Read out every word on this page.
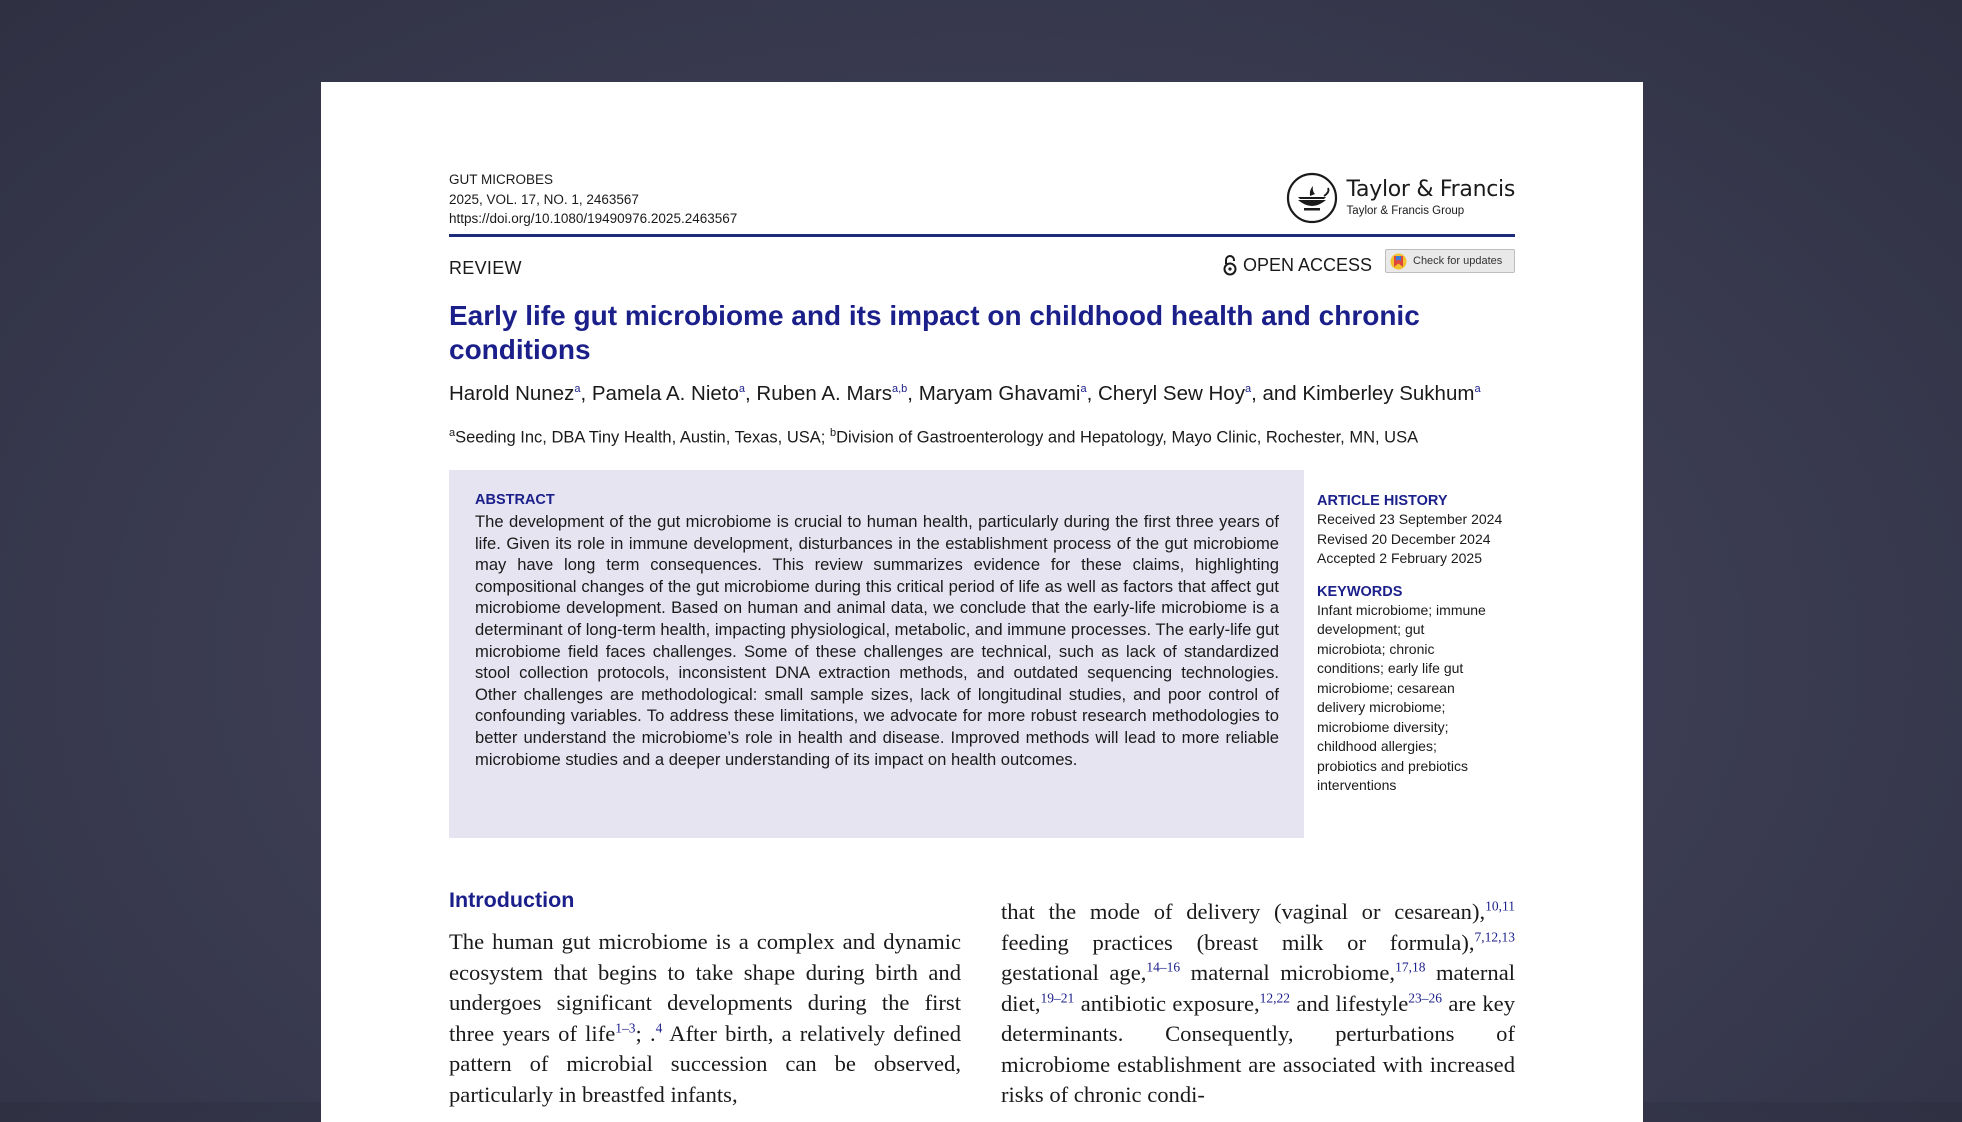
GUT MICROBES
2025, VOL. 17, NO. 1, 2463567
https://doi.org/10.1080/19490976.2025.2463567
Taylor & Francis
Taylor & Francis Group
REVIEW	OPEN ACCESS	Check for updates
Early life gut microbiome and its impact on childhood health and chronic conditions
Harold Nunez$^a$, Pamela A. Nieto$^a$, Ruben A. Mars$^{a,b}$, Maryam Ghavami$^a$, Cheryl Sew Hoy$^a$, and Kimberley Sukhum$^a$
$^a$Seeding Inc, DBA Tiny Health, Austin, Texas, USA; $^b$Division of Gastroenterology and Hepatology, Mayo Clinic, Rochester, MN, USA
ABSTRACT
The development of the gut microbiome is crucial to human health, particularly during the first three years of life. Given its role in immune development, disturbances in the establishment process of the gut microbiome may have long term consequences. This review summarizes evidence for these claims, highlighting compositional changes of the gut microbiome during this critical period of life as well as factors that affect gut microbiome development. Based on human and animal data, we conclude that the early-life microbiome is a determinant of long-term health, impacting physiological, metabolic, and immune processes. The early-life gut microbiome field faces challenges. Some of these challenges are technical, such as lack of standardized stool collection protocols, inconsistent DNA extraction methods, and outdated sequencing technologies. Other challenges are methodological: small sample sizes, lack of longitudinal studies, and poor control of confounding variables. To address these limitations, we advocate for more robust research methodologies to better understand the microbiome’s role in health and disease. Improved methods will lead to more reliable microbiome studies and a deeper understanding of its impact on health outcomes.
ARTICLE HISTORY
Received 23 September 2024
Revised 20 December 2024
Accepted 2 February 2025
KEYWORDS
Infant microbiome; immune
development; gut
microbiota; chronic
conditions; early life gut
microbiome; cesarean
delivery microbiome;
microbiome diversity;
childhood allergies;
probiotics and prebiotics
interventions
Introduction
The human gut microbiome is a complex and dynamic ecosystem that begins to take shape during birth and undergoes significant developments during the first three years of life$^{1-3}$; .$^4$ After birth, a relatively defined pattern of microbial succession can be observed, particularly in breastfed infants,
that the mode of delivery (vaginal or cesarean),$^{10,11}$ feeding practices (breast milk or formula),$^{7,12,13}$ gestational age,$^{14-16}$ maternal microbiome,$^{17,18}$ maternal diet,$^{19-21}$ antibiotic exposure,$^{12,22}$ and lifestyle$^{23-26}$ are key determinants. Consequently, perturbations of microbiome establishment are associated with increased risks of chronic condi-
